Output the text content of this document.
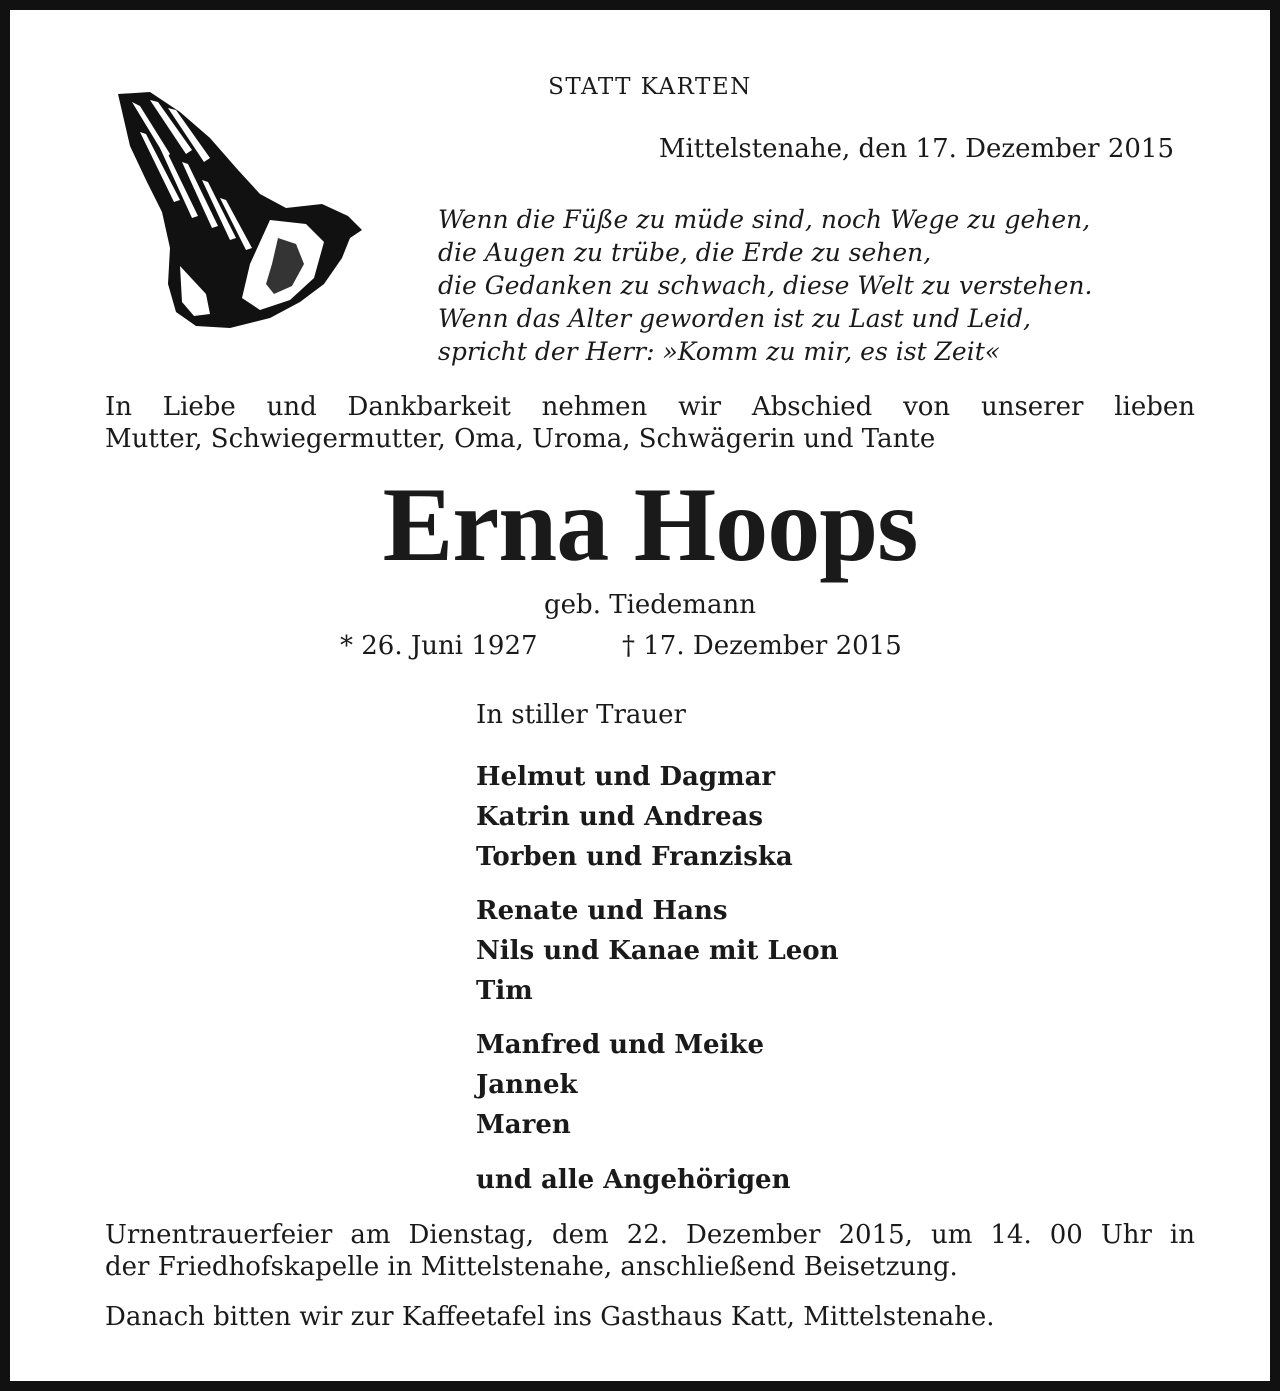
STATT KARTEN
Mittelstenahe, den 17. Dezember 2015
Wenn die Füße zu müde sind, noch Wege zu gehen,
die Augen zu trübe, die Erde zu sehen,
die Gedanken zu schwach, diese Welt zu verstehen.
Wenn das Alter geworden ist zu Last und Leid,
spricht der Herr: »Komm zu mir, es ist Zeit«
In Liebe und Dankbarkeit nehmen wir Abschied von unserer lieben
Mutter, Schwiegermutter, Oma, Uroma, Schwägerin und Tante
Erna Hoops
geb. Tiedemann
* 26. Juni 1927	† 17. Dezember 2015
In stiller Trauer
Helmut und Dagmar
Katrin und Andreas
Torben und Franziska
Renate und Hans
Nils und Kanae mit Leon
Tim
Manfred und Meike
Jannek
Maren
und alle Angehörigen
Urnentrauerfeier am Dienstag, dem 22. Dezember 2015, um 14. 00 Uhr in
der Friedhofskapelle in Mittelstenahe, anschließend Beisetzung.
Danach bitten wir zur Kaffeetafel ins Gasthaus Katt, Mittelstenahe.
